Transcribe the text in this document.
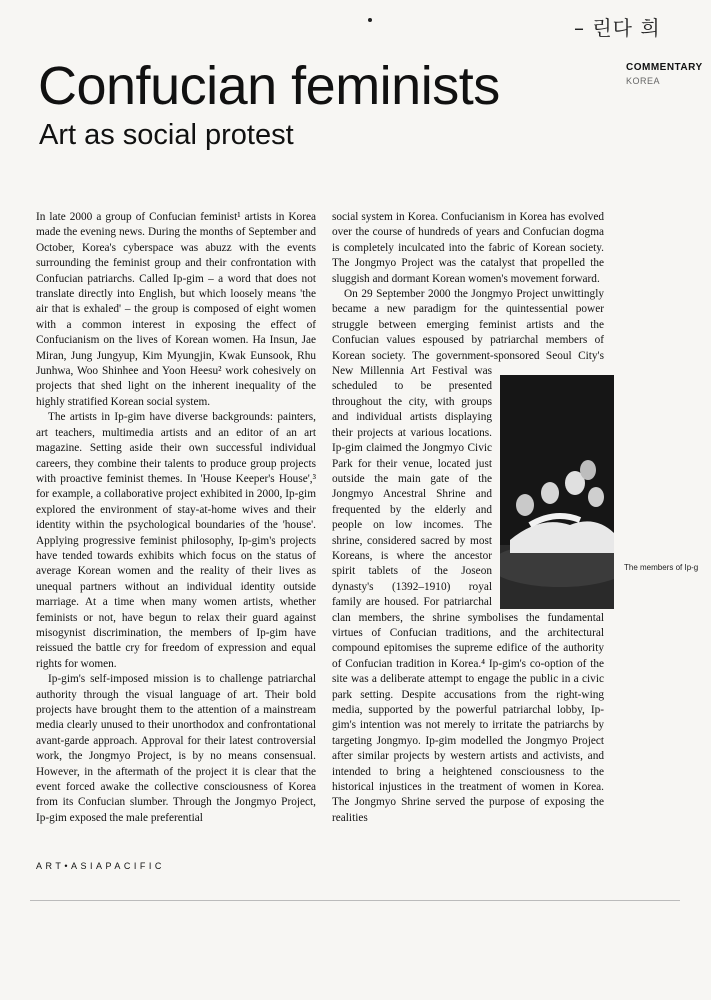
– 린다 희
Confucian feminists
Art as social protest
COMMENTARY
KOREA

In late 2000 a group of Confucian feminist¹ artists in Korea made the evening news. During the months of September and October, Korea's cyberspace was abuzz with the events surrounding the feminist group and their confrontation with Confucian patriarchs. Called Ip-gim – a word that does not translate directly into English, but which loosely means 'the air that is exhaled' – the group is composed of eight women with a common interest in exposing the effect of Confucianism on the lives of Korean women. Ha Insun, Jae Miran, Jung Jungyup, Kim Myungjin, Kwak Eunsook, Rhu Junhwa, Woo Shinhee and Yoon Heesu² work cohesively on projects that shed light on the inherent inequality of the highly stratified Korean social system.

The artists in Ip-gim have diverse backgrounds: painters, art teachers, multimedia artists and an editor of an art magazine. Setting aside their own successful individual careers, they combine their talents to produce group projects with proactive feminist themes. In 'House Keeper's House',³ for example, a collaborative project exhibited in 2000, Ip-gim explored the environment of stay-at-home wives and their identity within the psychological boundaries of the 'house'. Applying progressive feminist philosophy, Ip-gim's projects have tended towards exhibits which focus on the status of average Korean women and the reality of their lives as unequal partners without an individual identity outside marriage. At a time when many women artists, whether feminists or not, have begun to relax their guard against misogynist discrimination, the members of Ip-gim have reissued the battle cry for freedom of expression and equal rights for women.

Ip-gim's self-imposed mission is to challenge patriarchal authority through the visual language of art. Their bold projects have brought them to the attention of a mainstream media clearly unused to their unorthodox and confrontational avant-garde approach. Approval for their latest controversial work, the Jongmyo Project, is by no means consensual. However, in the aftermath of the project it is clear that the event forced awake the collective consciousness of Korea from its Confucian slumber. Through the Jongmyo Project, Ip-gim exposed the male preferential

social system in Korea. Confucianism in Korea has evolved over the course of hundreds of years and Confucian dogma is completely inculcated into the fabric of Korean society. The Jongmyo Project was the catalyst that propelled the sluggish and dormant Korean women's movement forward.

On 29 September 2000 the Jongmyo Project unwittingly became a new paradigm for the quintessential power struggle between emerging feminist artists and the Confucian values espoused by patriarchal members of Korean society. The government-sponsored Seoul City's New Millennia Art Festival was scheduled to be presented throughout the city, with groups and individual artists displaying their projects at various locations. Ip-gim claimed the Jongmyo Civic Park for their venue, located just outside the main gate of the Jongmyo Ancestral Shrine and frequented by the elderly and people on low incomes. The shrine, considered sacred by most Koreans, is where the ancestor spirit tablets of the Joseon dynasty's (1392–1910) royal family are housed. For patriarchal clan members, the shrine symbolises the fundamental virtues of Confucian traditions, and the architectural compound epitomises the supreme edifice of the authority of Confucian tradition in Korea.⁴ Ip-gim's co-option of the site was a deliberate attempt to engage the public in a civic park setting. Despite accusations from the right-wing media, supported by the powerful patriarchal lobby, Ip-gim's intention was not merely to irritate the patriarchs by targeting Jongmyo. Ip-gim modelled the Jongmyo Project after similar projects by western artists and activists, and intended to bring a heightened consciousness to the historical injustices in the treatment of women in Korea. The Jongmyo Shrine served the purpose of exposing the realities

The members of Ip-g
ART•ASIAPACIFIC
